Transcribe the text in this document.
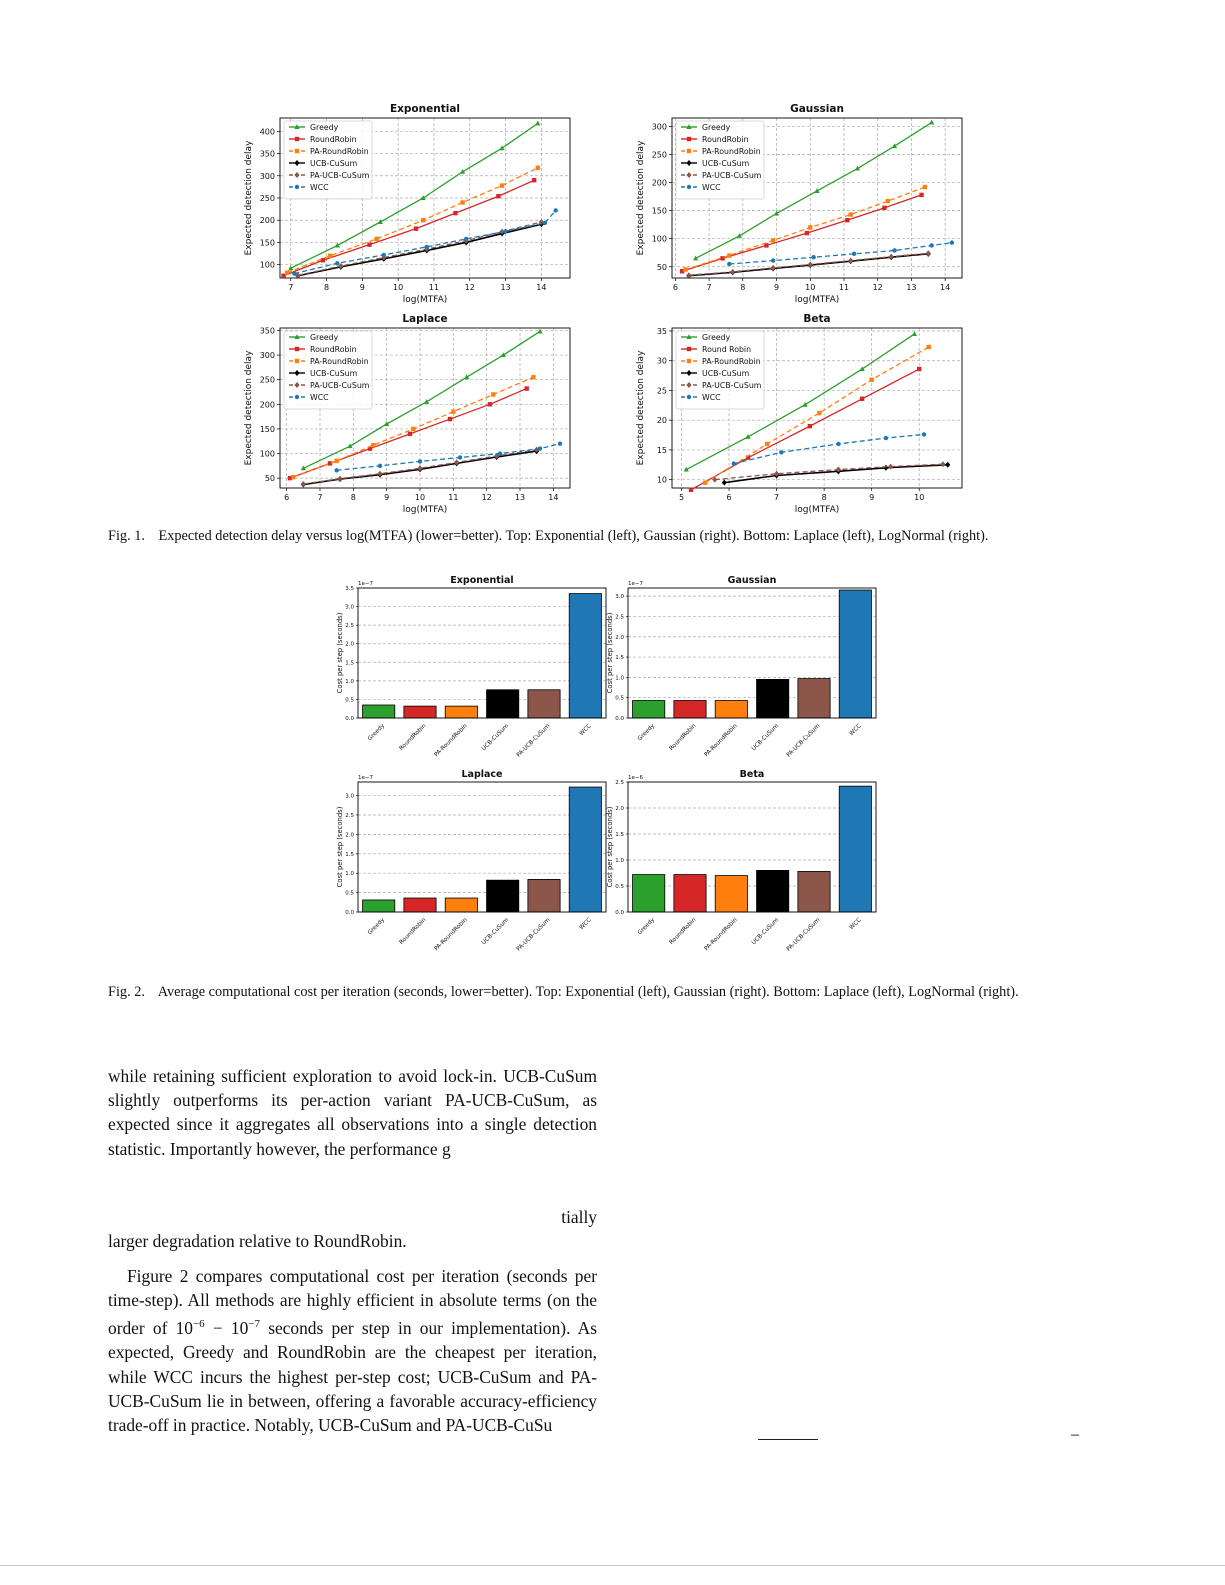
Exponential
7	8	9	10	11	12	13	14
100
150
200
250
300
350
400
log(MTFA)
Expected detection delay
Greedy
RoundRobin
PA-RoundRobin
UCB-CuSum
PA-UCB-CuSum
WCC
Gaussian
6	7	8	9	10	11	12	13	14
50
100
150
200
250
300
log(MTFA)
Expected detection delay
Greedy
RoundRobin
PA-RoundRobin
UCB-CuSum
PA-UCB-CuSum
WCC
Laplace
6	7	8	9	10	11	12	13	14
50
100
150
200
250
300
350
log(MTFA)
Expected detection delay
Greedy
RoundRobin
PA-RoundRobin
UCB-CuSum
PA-UCB-CuSum
WCC
Beta
5	6	7	8	9	10
10
15
20
25
30
35
log(MTFA)
Expected detection delay
Greedy
Round Robin
PA-RoundRobin
UCB-CuSum
PA-UCB-CuSum
WCC
Fig. 1. Expected detection delay versus log(MTFA) (lower=better). Top: Exponential (left), Gaussian (right). Bottom: Laplace (left), LogNormal (right).
Exponential
1e−7
0.0
0.5
1.0
1.5
2.0
2.5
3.0
3.5
Greedy RoundRobin PA-RoundRobin UCB-CuSum PA-UCB-CuSum	WCC
Cost per step (seconds)
Gaussian
1e−7
0.0
0.5
1.0
1.5
2.0
2.5
3.0
Greedy RoundRobin PA-RoundRobin UCB-CuSum PA-UCB-CuSum	WCC
Cost per step (seconds)
Laplace
1e−7
0.0
0.5
1.0
1.5
2.0
2.5
3.0
Greedy RoundRobin PA-RoundRobin UCB-CuSum PA-UCB-CuSum	WCC
Cost per step (seconds)
Beta
1e−6
0.0
0.5
1.0
1.5
2.0
2.5
Greedy RoundRobin PA-RoundRobin UCB-CuSum PA-UCB-CuSum	WCC
Cost per step (seconds)
Fig. 2. Average computational cost per iteration (seconds, lower=better). Top: Exponential (left), Gaussian (right). Bottom: Laplace (left), LogNormal (right).

while retaining sufficient exploration to avoid lock-in. UCB-CuSum slightly outperforms its per-action variant PA-UCB-CuSum, as expected since it aggregates all observations into a single detection statistic. Importantly however, the performance g

tially

larger degradation relative to RoundRobin.

Figure 2 compares computational cost per iteration (seconds per time-step). All methods are highly efficient in absolute terms (on the order of $10^{-6} - 10^{-7}$ seconds per step in our implementation). As expected, Greedy and RoundRobin are the cheapest per iteration, while WCC incurs the highest per-step cost; UCB-CuSum and PA-UCB-CuSum lie in between, offering a favorable accuracy-efficiency trade-off in practice. Notably, UCB-CuSum and PA-UCB-CuSu	–
